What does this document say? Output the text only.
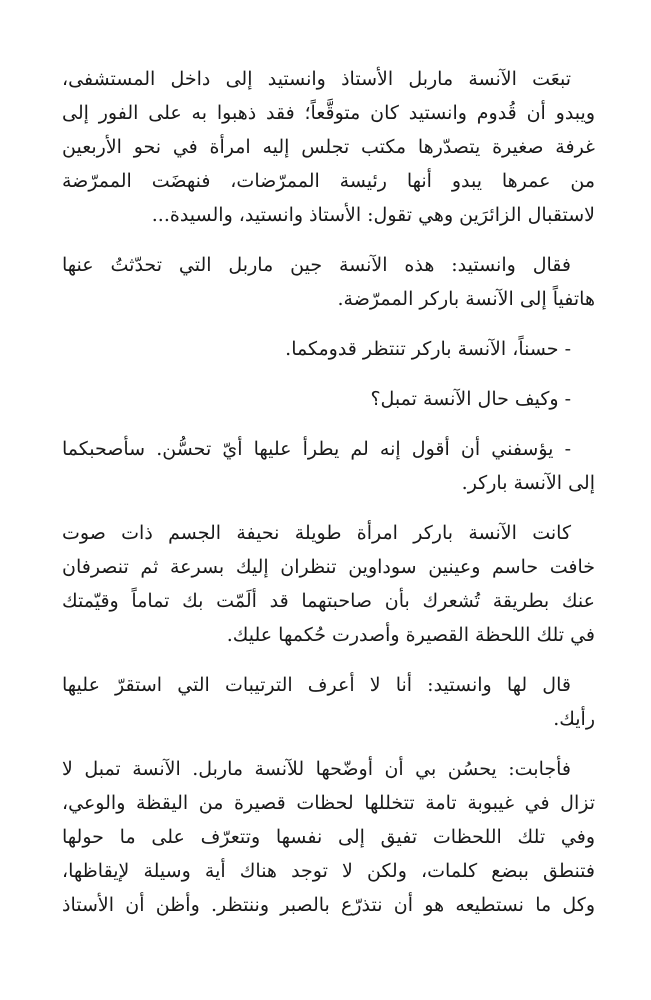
تبعَت الآنسة ماربل الأستاذ وانستيد إلى داخل المستشفى،
ويبدو أن قُدوم وانستيد كان متوقَّعاً؛ فقد ذهبوا به على الفور إلى
غرفة صغيرة يتصدّرها مكتب تجلس إليه امرأة في نحو الأربعين
من عمرها يبدو أنها رئيسة الممرّضات، فنهضَت الممرّضة
لاستقبال الزائرَين وهي تقول: الأستاذ وانستيد، والسيدة...

فقال وانستيد: هذه الآنسة جين ماربل التي تحدّثتُ عنها
هاتفياً إلى الآنسة باركر الممرّضة.

- حسناً، الآنسة باركر تنتظر قدومكما.

- وكيف حال الآنسة تمبل؟

- يؤسفني أن أقول إنه لم يطرأ عليها أيّ تحسُّن. سأصحبكما
إلى الآنسة باركر.

كانت الآنسة باركر امرأة طويلة نحيفة الجسم ذات صوت
خافت حاسم وعينين سوداوين تنظران إليك بسرعة ثم تنصرفان
عنك بطريقة تُشعرك بأن صاحبتهما قد ألَمّت بك تماماً وقيّمتك
في تلك اللحظة القصيرة وأصدرت حُكمها عليك.

قال لها وانستيد: أنا لا أعرف الترتيبات التي استقرّ عليها
رأيك.

فأجابت: يحسُن بي أن أوضّحها للآنسة ماربل. الآنسة تمبل لا
تزال في غيبوبة تامة تتخللها لحظات قصيرة من اليقظة والوعي،
وفي تلك اللحظات تفيق إلى نفسها وتتعرّف على ما حولها
فتنطق ببضع كلمات، ولكن لا توجد هناك أية وسيلة لإيقاظها،
وكل ما نستطيعه هو أن نتذرّع بالصبر وننتظر. وأظن أن الأستاذ
